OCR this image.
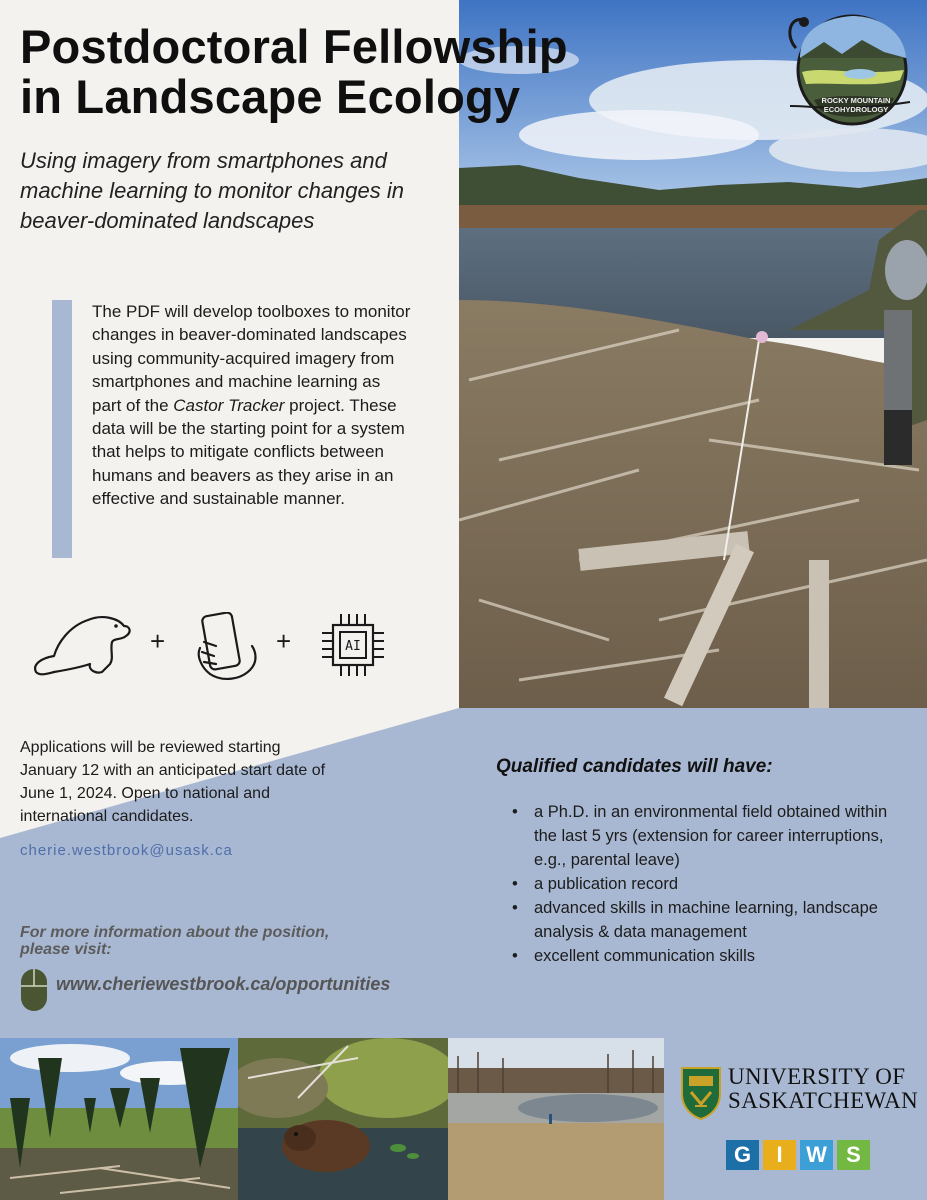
ROCKY MOUNTAIN
ECOHYDROLOGY
Postdoctoral Fellowship
in Landscape Ecology
Using imagery from smartphones and machine learning to monitor changes in beaver-dominated landscapes
The PDF will develop toolboxes to monitor changes in beaver-dominated landscapes using community-acquired imagery from smartphones and machine learning as part of the Castor Tracker project. These data will be the starting point for a system that helps to mitigate conflicts between humans and beavers as they arise in an effective and sustainable manner.
+	+	AI
Applications will be reviewed starting January 12 with an anticipated start date of June 1, 2024. Open to national and international candidates.
cherie.westbrook@usask.ca
For more information about the position, please visit:
www.cheriewestbrook.ca/opportunities
Qualified candidates will have:
• a Ph.D. in an environmental field obtained within the last 5 yrs (extension for career interruptions, e.g., parental leave)
• a publication record
• advanced skills in machine learning, landscape analysis & data management
• excellent communication skills
UNIVERSITY OF
SASKATCHEWAN
G	I	W S
